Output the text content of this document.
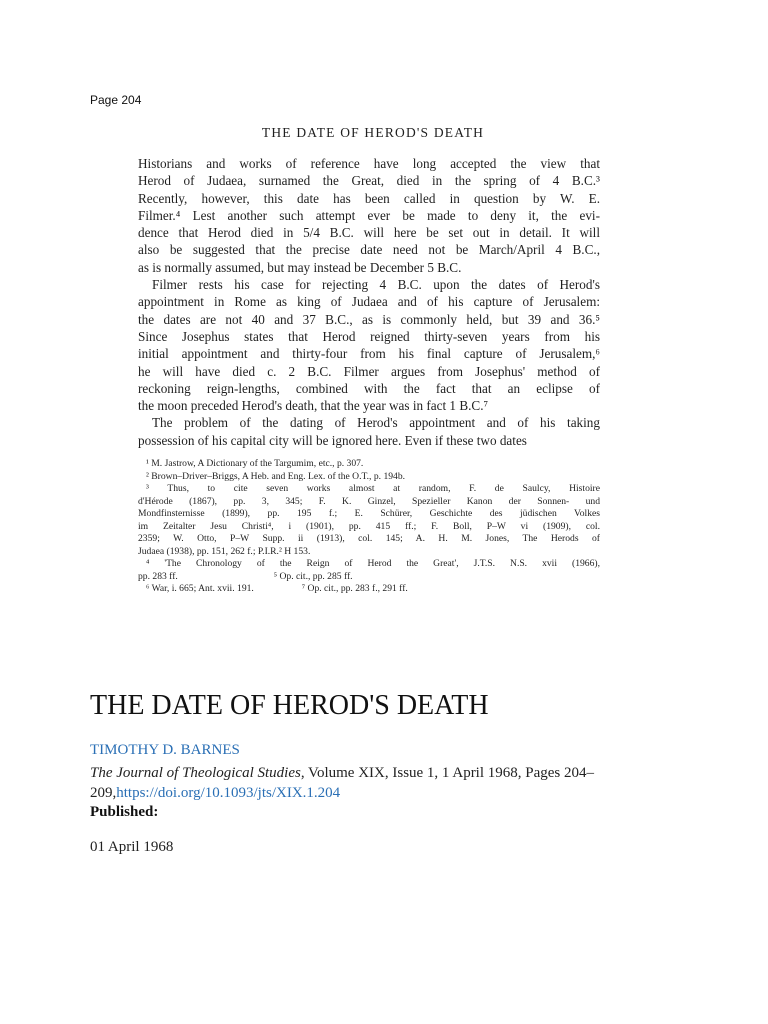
Page 204
THE DATE OF HEROD'S DEATH
Historians and works of reference have long accepted the view that
Herod of Judaea, surnamed the Great, died in the spring of 4 B.C.³
Recently, however, this date has been called in question by W. E.
Filmer.⁴ Lest another such attempt ever be made to deny it, the evi-
dence that Herod died in 5/4 B.C. will here be set out in detail. It will
also be suggested that the precise date need not be March/April 4 B.C.,
as is normally assumed, but may instead be December 5 B.C.
Filmer rests his case for rejecting 4 B.C. upon the dates of Herod's
appointment in Rome as king of Judaea and of his capture of Jerusalem:
the dates are not 40 and 37 B.C., as is commonly held, but 39 and 36.⁵
Since Josephus states that Herod reigned thirty-seven years from his
initial appointment and thirty-four from his final capture of Jerusalem,⁶
he will have died c. 2 B.C. Filmer argues from Josephus' method of
reckoning reign-lengths, combined with the fact that an eclipse of
the moon preceded Herod's death, that the year was in fact 1 B.C.⁷
The problem of the dating of Herod's appointment and of his taking
possession of his capital city will be ignored here. Even if these two dates
¹ M. Jastrow, A Dictionary of the Targumim, etc., p. 307.
² Brown–Driver–Briggs, A Heb. and Eng. Lex. of the O.T., p. 194b.
³ Thus, to cite seven works almost at random, F. de Saulcy, Histoire
d'Hérode (1867), pp. 3, 345; F. K. Ginzel, Spezieller Kanon der Sonnen- und
Mondfinsternisse (1899), pp. 195 f.; E. Schürer, Geschichte des jüdischen Volkes
im Zeitalter Jesu Christi⁴, i (1901), pp. 415 ff.; F. Boll, P–W vi (1909), col.
2359; W. Otto, P–W Supp. ii (1913), col. 145; A. H. M. Jones, The Herods of
Judaea (1938), pp. 151, 262 f.; P.I.R.² H 153.
⁴ 'The Chronology of the Reign of Herod the Great', J.T.S. N.S. xvii (1966),
pp. 283 ff.                                        ⁵ Op. cit., pp. 285 ff.
⁶ War, i. 665; Ant. xvii. 191.                    ⁷ Op. cit., pp. 283 f., 291 ff.
THE DATE OF HEROD'S DEATH
TIMOTHY D. BARNES
The Journal of Theological Studies, Volume XIX, Issue 1, 1 April 1968, Pages 204–209,https://doi.org/10.1093/jts/XIX.1.204
Published:
01 April 1968
